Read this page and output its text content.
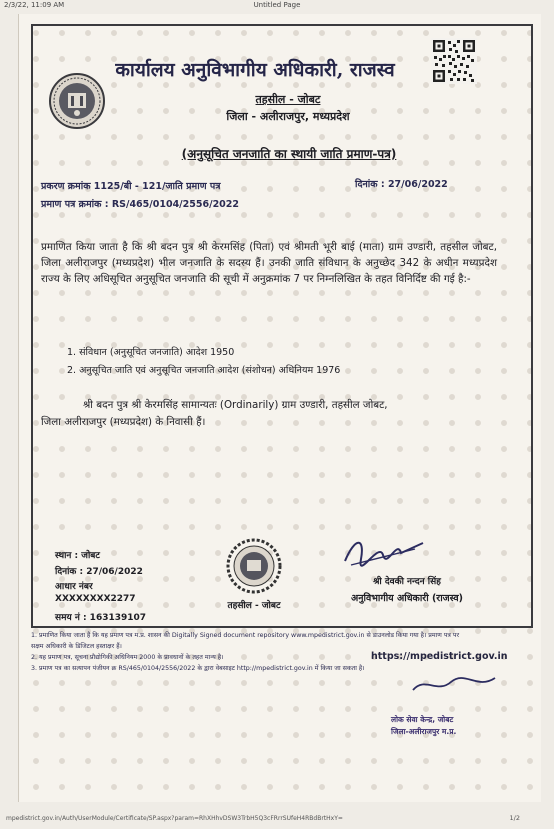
2/3/22, 11:09 AM	Untitled Page
कार्यालय अनुविभागीय अधिकारी, राजस्व
तहसील - जोबट
जिला - अलीराजपुर, मध्यप्रदेश
(अनुसूचित जनजाति का स्थायी जाति प्रमाण-पत्र)
प्रकरण क्रमांक 1125/बी - 121/जाति प्रमाण पत्र	दिनांक : 27/06/2022
प्रमाण पत्र क्रमांक : RS/465/0104/2556/2022
प्रमाणित किया जाता है कि श्री बदन पुत्र श्री केरमसिंह (पिता) एवं श्रीमती भूरी बाई (माता) ग्राम उण्डारी, तहसील जोबट, जिला अलीराजपुर (मध्यप्रदेश) भील जनजाति के सदस्य हैं। उनकी जाति संविधान के अनुच्छेद 342 के अधीन मध्यप्रदेश राज्य के लिए अधिसूचित अनुसूचित जनजाति की सूची में अनुक्रमांक 7 पर निम्नलिखित के तहत विनिर्दिष्ट की गई है:-
1. संविधान (अनुसूचित जनजाति) आदेश 1950
2. अनुसूचित जाति एवं अनुसूचित जनजाति आदेश (संशोधन) अधिनियम 1976
श्री बदन पुत्र श्री केरमसिंह सामान्यतः (Ordinarily) ग्राम उण्डारी, तहसील जोबट,
जिला अलीराजपुर (मध्यप्रदेश) के निवासी हैं।
स्थान : जोबट
दिनांक : 27/06/2022
आधार नंबर
XXXXXXXX2277
समय नं : 163139107
तहसील - जोबट
श्री देवकी नन्दन सिंह
अनुविभागीय अधिकारी (राजस्व)
1. प्रमाणित किया जाता है कि यह प्रमाण पत्र म.प्र. शासन की Digitally Signed document repository www.mpedistrict.gov.in से डाउनलोड किया गया है। प्रमाण पत्र पर
सक्षम अधिकारी के डिजिटल हस्ताक्षर हैं।
2. यह प्रमाण पत्र, सूचना प्रौद्योगिकी अधिनियम 2000 के प्रावधानों के तहत मान्य है।
3. प्रमाण पत्र का सत्यापन पंजीयन क्र RS/465/0104/2556/2022 के द्वारा वेबसाइट http://mpedistrict.gov.in में किया जा सकता है।
https://mpedistrict.gov.in
लोक सेवा केन्द्र, जोबट
जिला-अलीराजपुर म.प्र.
mpedistrict.gov.in/Auth/UserModule/Certificate/SP.aspx?param=RhXHhvDSW3TrbH5Q3cFRrrSUfeH4RBdBrtHxY=	1/2
